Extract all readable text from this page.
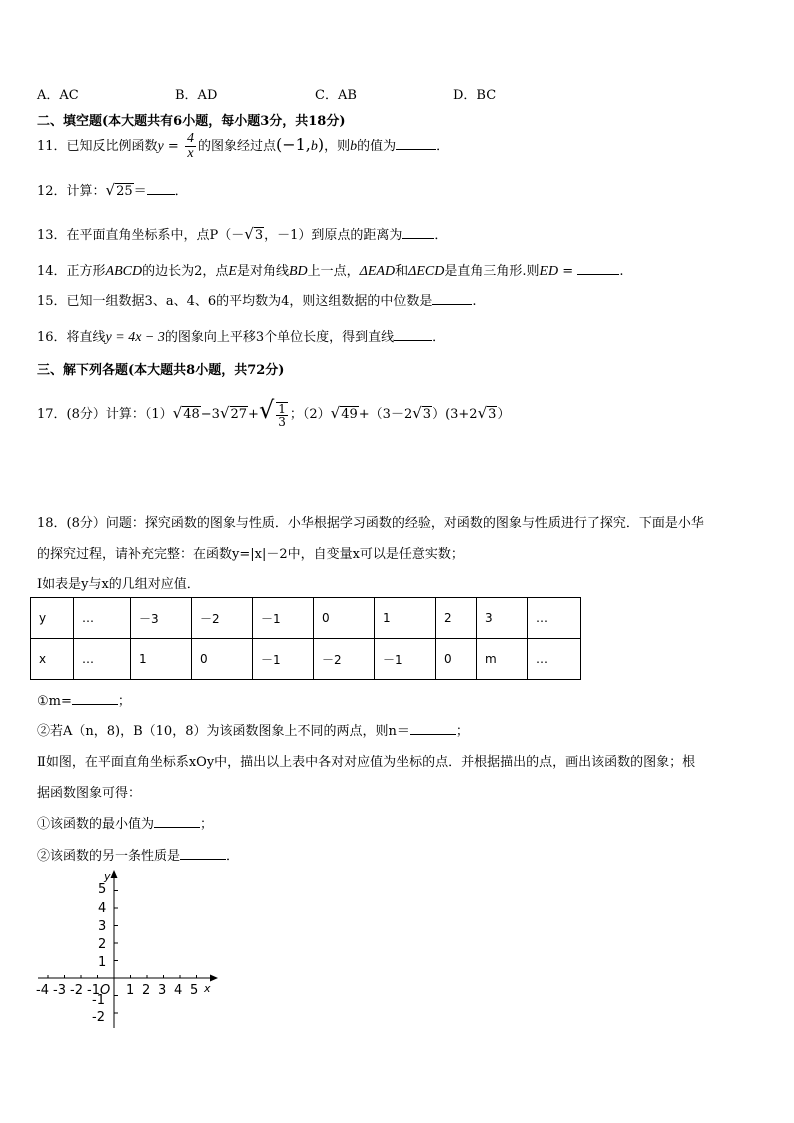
A．AC	B．AD	C．AB	D．BC
二、填空题(本大题共有6小题，每小题3分，共18分)
11．已知反比例函数$y = \frac{4}{x}$ 的图象经过点(−1,b)，则b的值为	．
12．计算：√25＝ ．
13．在平面直角坐标系中，点P（－√3，－1）到原点的距离为 ．
14．正方形ABCD的边长为2，点E是对角线BD上一点，ΔEAD和ΔECD是直角三角形.则ED =	.
15．已知一组数据3、a、4、6的平均数为4，则这组数据的中位数是	.
16．将直线y = 4x − 3的图象向上平移3个单位长度，得到直线	．
三、解下列各题(本大题共8小题，共72分)
17．(8分）计算：$(1)√48-3√27+√ \frac{1}{3}$ ；（2）√49+（3－2√3）(3+2√3）
18．(8分）问题：探究函数的图象与性质．小华根据学习函数的经验，对函数的图象与性质进行了探究．下面是小华
的探究过程，请补充完整：在函数y=|x|－2中，自变量x可以是任意实数；
Ⅰ如表是y与x的几组对应值．
y	…	－3	－2	－1	0	1	2	3	…
x	…	1	0	－1	－2	－1	0	m	…
①m=	；
②若A（n，8)，B（10，8）为该函数图象上不同的两点，则n＝	；
Ⅱ如图，在平面直角坐标系xOy中，描出以上表中各对对应值为坐标的点．并根据描出的点，画出该函数的图象；根
据函数图象可得：
①该函数的最小值为	；
②该函数的另一条性质是	．
x
y
O
-4 -3 -2 -1 1 2 3 4 5
5
4
3
2
1
-1
-2
